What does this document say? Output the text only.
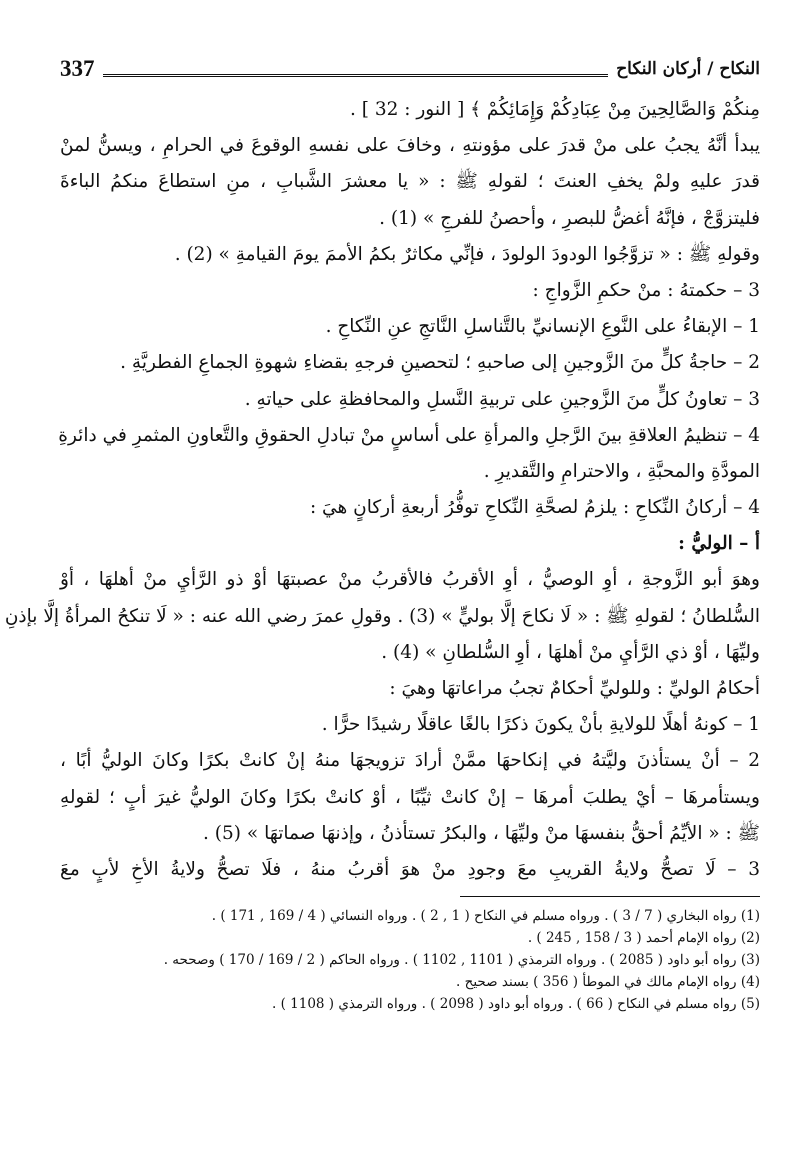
337	النكاح / أركان النكاح
مِنكُمْ وَالصَّالِحِينَ مِنْ عِبَادِكُمْ وَإِمَائِكُمْ ﴾ [ النور : 32 ] .
يبدأ أنَّهُ يجبُ على منْ قدرَ على مؤونتهِ ، وخافَ على نفسهِ الوقوعَ في الحرامِ ، ويسنُّ لمنْ
قدرَ عليهِ ولمْ يخفِ العنتَ ؛ لقولهِ ﷺ : « يا معشرَ الشَّبابِ ، منِ استطاعَ منكمُ الباءةَ
فليتزوَّجْ ، فإنَّهُ أغضُّ للبصرِ ، وأحصنُ للفرجِ » (1) .
وقولهِ ﷺ : « تزوَّجُوا الودودَ الولودَ ، فإنِّي مكاثرٌ بكمُ الأممَ يومَ القيامةِ » (2) .
3 – حكمتهُ : منْ حكمِ الزَّواجِ :
1 – الإبقاءُ على النَّوعِ الإنسانيِّ بالتَّناسلِ النَّاتجِ عنِ النِّكاحِ .
2 – حاجةُ كلٍّ منَ الزَّوجينِ إلى صاحبهِ ؛ لتحصينِ فرجهِ بقضاءِ شهوةِ الجماعِ الفطريَّةِ .
3 – تعاونُ كلٍّ منَ الزَّوجينِ على تربيةِ النَّسلِ والمحافظةِ على حياتهِ .
4 – تنظيمُ العلاقةِ بينَ الرَّجلِ والمرأةِ على أساسٍ منْ تبادلِ الحقوقِ والتَّعاونِ المثمرِ في دائرةِ
المودَّةِ والمحبَّةِ ، والاحترامِ والتَّقديرِ .
4 – أركانُ النِّكاحِ : يلزمُ لصحَّةِ النِّكاحِ توفُّرُ أربعةِ أركانٍ هيَ :
أ – الوليُّ :
وهوَ أبو الزَّوجةِ ، أوِ الوصيُّ ، أوِ الأقربُ فالأقربُ منْ عصبتهَا أوْ ذو الرَّأيِ منْ أهلهَا ، أوْ
السُّلطانُ ؛ لقولهِ ﷺ : « لَا نكاحَ إلَّا بوليٍّ » (3) . وقولِ عمرَ رضي الله عنه : « لَا تنكحُ المرأةُ إلَّا بإذنِ
وليِّهَا ، أوْ ذي الرَّأيِ منْ أهلهَا ، أوِ السُّلطانِ » (4) .
أحكامُ الوليِّ : وللوليِّ أحكامٌ تجبُ مراعاتهَا وهيَ :
1 – كونهُ أهلًا للولايةِ بأنْ يكونَ ذكرًا بالغًا عاقلًا رشيدًا حرًّا .
2 – أنْ يستأذنَ وليَّتهُ في إنكاحهَا ممَّنْ أرادَ تزويجهَا منهُ إنْ كانتْ بكرًا وكانَ الوليُّ أبًا ،
ويستأمرهَا – أيْ يطلبَ أمرهَا – إنْ كانتْ ثيِّبًا ، أوْ كانتْ بكرًا وكانَ الوليُّ غيرَ أبٍ ؛ لقولهِ
ﷺ : « الأيِّمُ أحقُّ بنفسهَا منْ وليِّهَا ، والبكرُ تستأذنُ ، وإذنهَا صماتهَا » (5) .
3 – لَا تصحُّ ولايةُ القريبِ معَ وجودِ منْ هوَ أقربُ منهُ ، فلَا تصحُّ ولايةُ الأخِ لأبٍ معَ
(1) رواه البخاري ( 7 / 3 ) . ورواه مسلم في النكاح ( 1 , 2 ) . ورواه النسائي ( 4 / 169 , 171 ) .
(2) رواه الإمام أحمد ( 3 / 158 , 245 ) .
(3) رواه أبو داود ( 2085 ) . ورواه الترمذي ( 1101 , 1102 ) . ورواه الحاكم ( 2 / 169 / 170 ) وصححه .
(4) رواه الإمام مالك في الموطأ ( 356 ) بسند صحيح .
(5) رواه مسلم في النكاح ( 66 ) . ورواه أبو داود ( 2098 ) . ورواه الترمذي ( 1108 ) .
